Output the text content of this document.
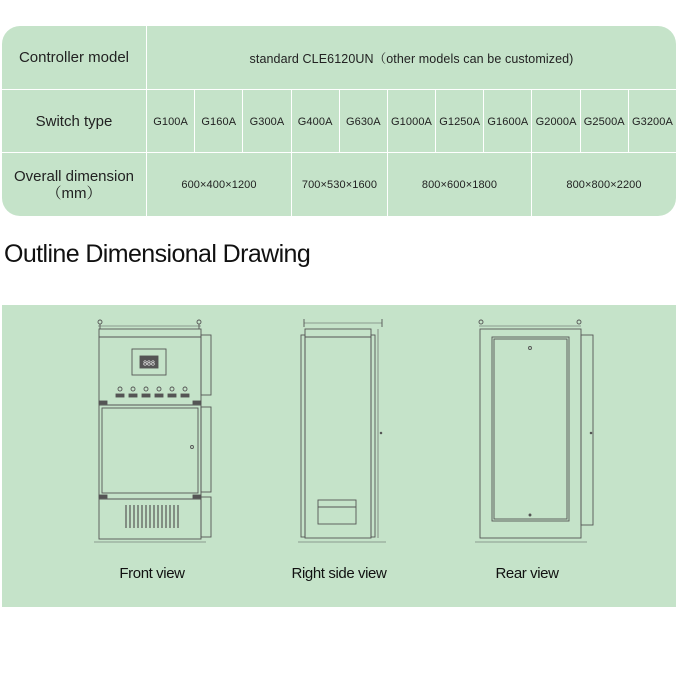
Controller model	standard CLE6120UN（other models can be customized)
Switch type	G100A	G160A	G300A	G400A	G630A G1000A G1250A G1600A G2000A G2500A G3200A
Overall dimension
（mm）	600×400×1200	700×530×1600	800×600×1800	800×800×2200
Outline Dimensional Drawing
888
Front view	Right side view	Rear view
